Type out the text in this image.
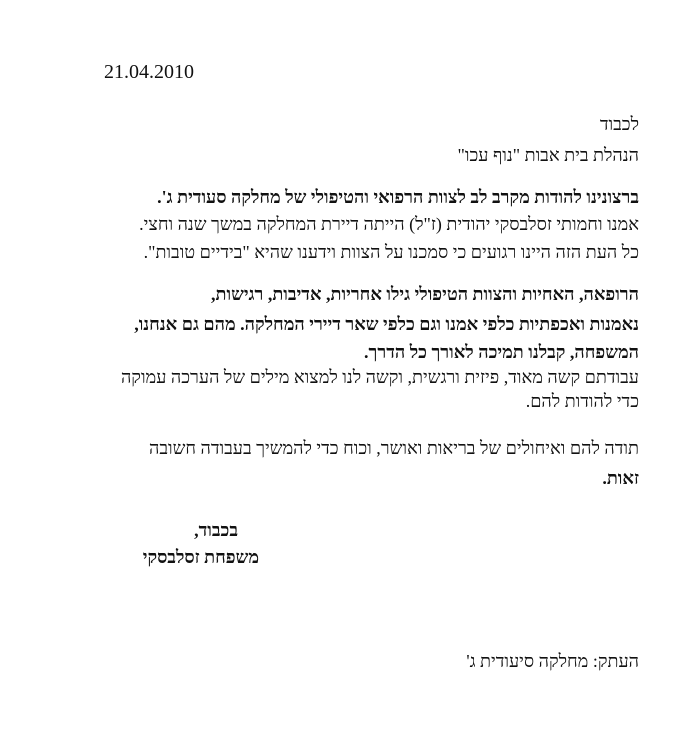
21.04.2010
לכבוד
הנהלת בית אבות "נוף עכו"
ברצונינו להודות מקרב לב לצוות הרפואי והטיפולי של מחלקה סעודית ג'.
אמנו וחמותי זסלבסקי יהודית (ז"ל) הייתה דיירת המחלקה במשך שנה וחצי.
כל העת הזה היינו רגועים כי סמכנו על הצוות וידענו שהיא "בידיים טובות".
הרופאה, האחיות והצוות הטיפולי גילו אחריות, אדיבות, רגישות,
נאמנות ואכפתיות כלפי אמנו וגם כלפי שאר דיירי המחלקה. מהם גם אנחנו,
המשפחה, קבלנו תמיכה לאורך כל הדרך.
עבודתם קשה מאוד, פיזית ורגשית, וקשה לנו למצוא מילים של הערכה עמוקה
כדי להודות להם.
תודה להם ואיחולים של בריאות ואושר, וכוח כדי להמשיך בעבודה חשובה
זאות.
בכבוד,
משפחת זסלבסקי
העתק: מחלקה סיעודית ג'
